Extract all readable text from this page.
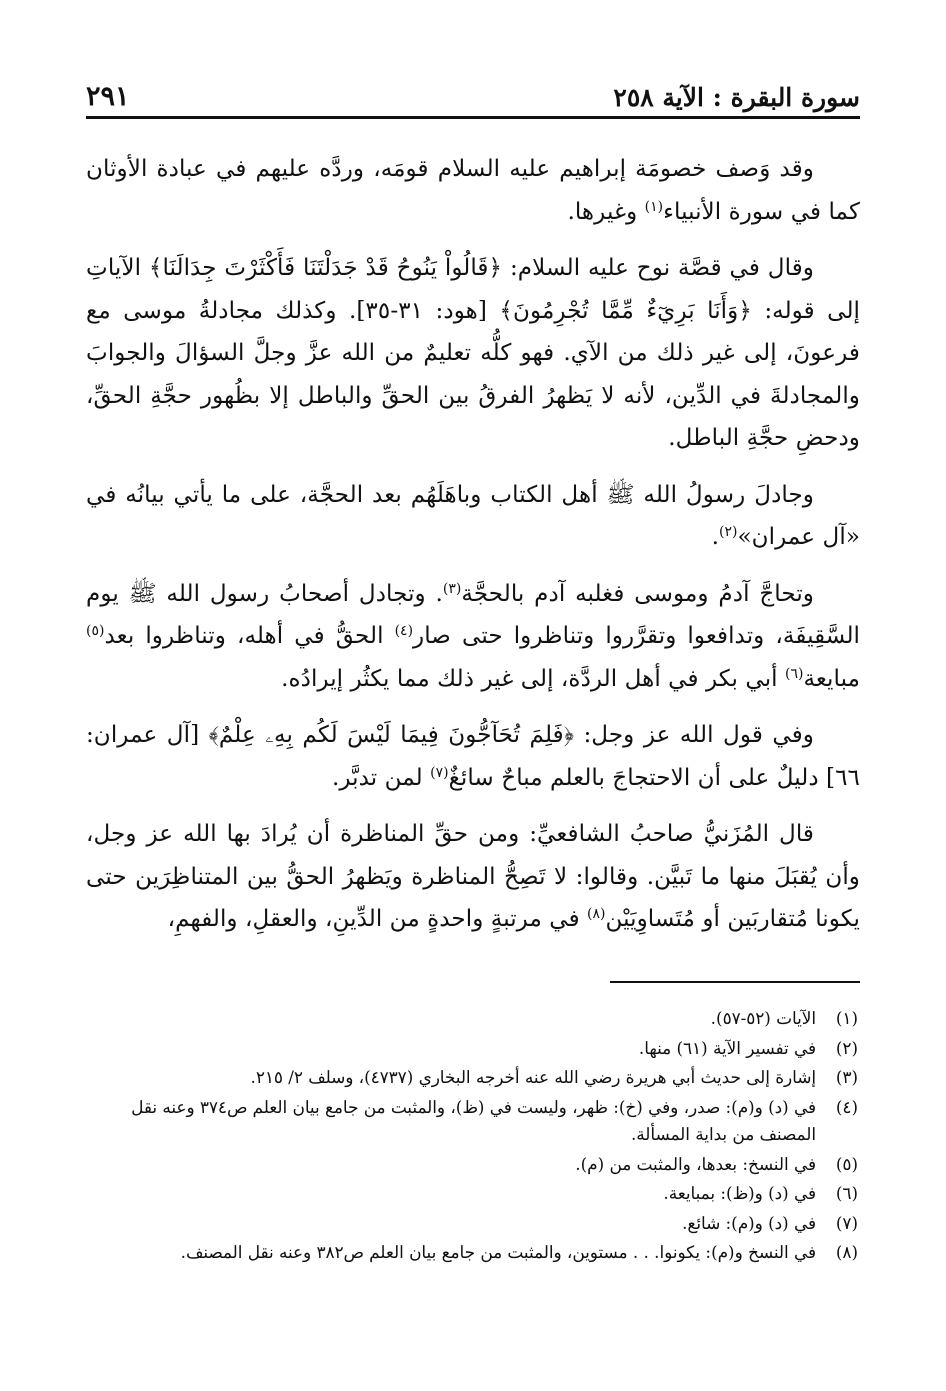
سورة البقرة : الآية ٢٥٨
٢٩١

وقد وَصف خصومَة إبراهيم عليه السلام قومَه، وردَّه عليهم في عبادة الأوثان كما في سورة الأنبياء$^{(١)}$ وغيرها.

وقال في قصَّة نوح عليه السلام: ﴿قَالُواْ يَنُوحُ قَدْ جَدَلْتَنَا فَأَكْثَرْتَ جِدَالَنَا﴾ الآياتِ إلى قوله: ﴿وَأَنَا بَرِيٓءٌ مِّمَّا تُجْرِمُونَ﴾ [هود: ٣١-٣٥]. وكذلك مجادلةُ موسى مع فرعونَ، إلى غير ذلك من الآي. فهو كلُّه تعليمٌ من الله عزَّ وجلَّ السؤالَ والجوابَ والمجادلةَ في الدِّين، لأنه لا يَظهرُ الفرقُ بين الحقِّ والباطل إلا بظُهور حجَّةِ الحقِّ، ودحضِ حجَّةِ الباطل.

وجادلَ رسولُ الله ﷺ أهل الكتاب وباهَلَهُم بعد الحجَّة، على ما يأتي بيانُه في «آل عمران»$^{(٢)}$.

وتحاجَّ آدمُ وموسى فغلبه آدم بالحجَّة$^{(٣)}$. وتجادل أصحابُ رسول الله ﷺ يوم السَّقِيفَة، وتدافعوا وتقرَّروا وتناظروا حتى صار$^{(٤)}$ الحقُّ في أهله، وتناظروا بعد$^{(٥)}$ مبايعة$^{(٦)}$ أبي بكر في أهل الردَّة، إلى غير ذلك مما يكثُر إيرادُه.

وفي قول الله عز وجل: ﴿فَلِمَ تُحَآجُّونَ فِيمَا لَيْسَ لَكُم بِهِۦ عِلْمٌ﴾ [آل عمران: ٦٦] دليلٌ على أن الاحتجاجَ بالعلم مباحٌ سائغٌ$^{(٧)}$ لمن تدبَّر.

قال المُزَنيُّ صاحبُ الشافعيِّ: ومن حقِّ المناظرة أن يُرادَ بها الله عز وجل، وأن يُقبَلَ منها ما تَبيَّن. وقالوا: لا تَصِحُّ المناظرة ويَظهرُ الحقُّ بين المتناظِرَين حتى يكونا مُتقاربَين أو مُتَساوِيَيْن$^{(٨)}$ في مرتبةٍ واحدةٍ من الدِّينِ، والعقلِ، والفهمِ،

(١)
الآيات (٥٢-٥٧).
(٢)
في تفسير الآية (٦١) منها.
(٣)
إشارة إلى حديث أبي هريرة رضي الله عنه أخرجه البخاري (٤٧٣٧)، وسلف ٢/ ٢١٥.
(٤)
في (د) و(م): صدر، وفي (خ): ظهر، وليست في (ظ)، والمثبت من جامع بيان العلم ص٣٧٤ وعنه نقل المصنف من بداية المسألة.
(٥)
في النسخ: بعدها، والمثبت من (م).
(٦)
في (د) و(ظ): بمبايعة.
(٧)
في (د) و(م): شائع.
(٨)
في النسخ و(م): يكونوا. . . مستوين، والمثبت من جامع بيان العلم ص٣٨٢ وعنه نقل المصنف.
